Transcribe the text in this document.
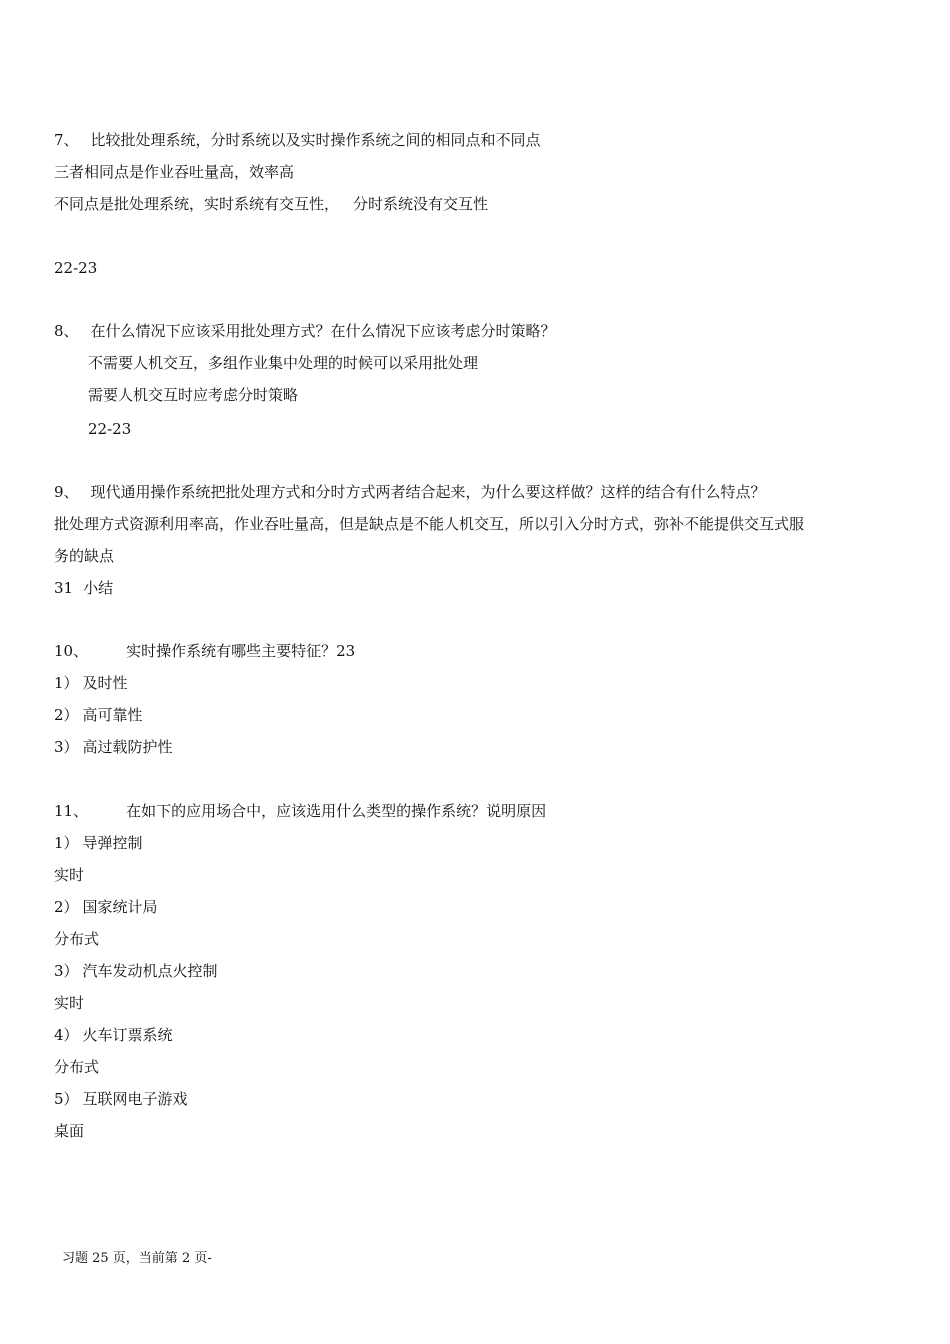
7、 比较批处理系统，分时系统以及实时操作系统之间的相同点和不同点
三者相同点是作业吞吐量高，效率高
不同点是批处理系统，实时系统有交互性， 分时系统没有交互性
22-23
8、 在什么情况下应该采用批处理方式？在什么情况下应该考虑分时策略？
不需要人机交互，多组作业集中处理的时候可以采用批处理
需要人机交互时应考虑分时策略
22-23
9、 现代通用操作系统把批处理方式和分时方式两者结合起来，为什么要这样做？这样的结合有什么特点？
批处理方式资源利用率高，作业吞吐量高，但是缺点是不能人机交互，所以引入分时方式，弥补不能提供交互式服
务的缺点
31 小结
10、	实时操作系统有哪些主要特征？23
1） 及时性
2） 高可靠性
3） 高过载防护性
11、	在如下的应用场合中，应该选用什么类型的操作系统？说明原因
1） 导弹控制
实时
2） 国家统计局
分布式
3） 汽车发动机点火控制
实时
4） 火车订票系统
分布式
5） 互联网电子游戏
桌面
习题 25 页，当前第 2 页-
